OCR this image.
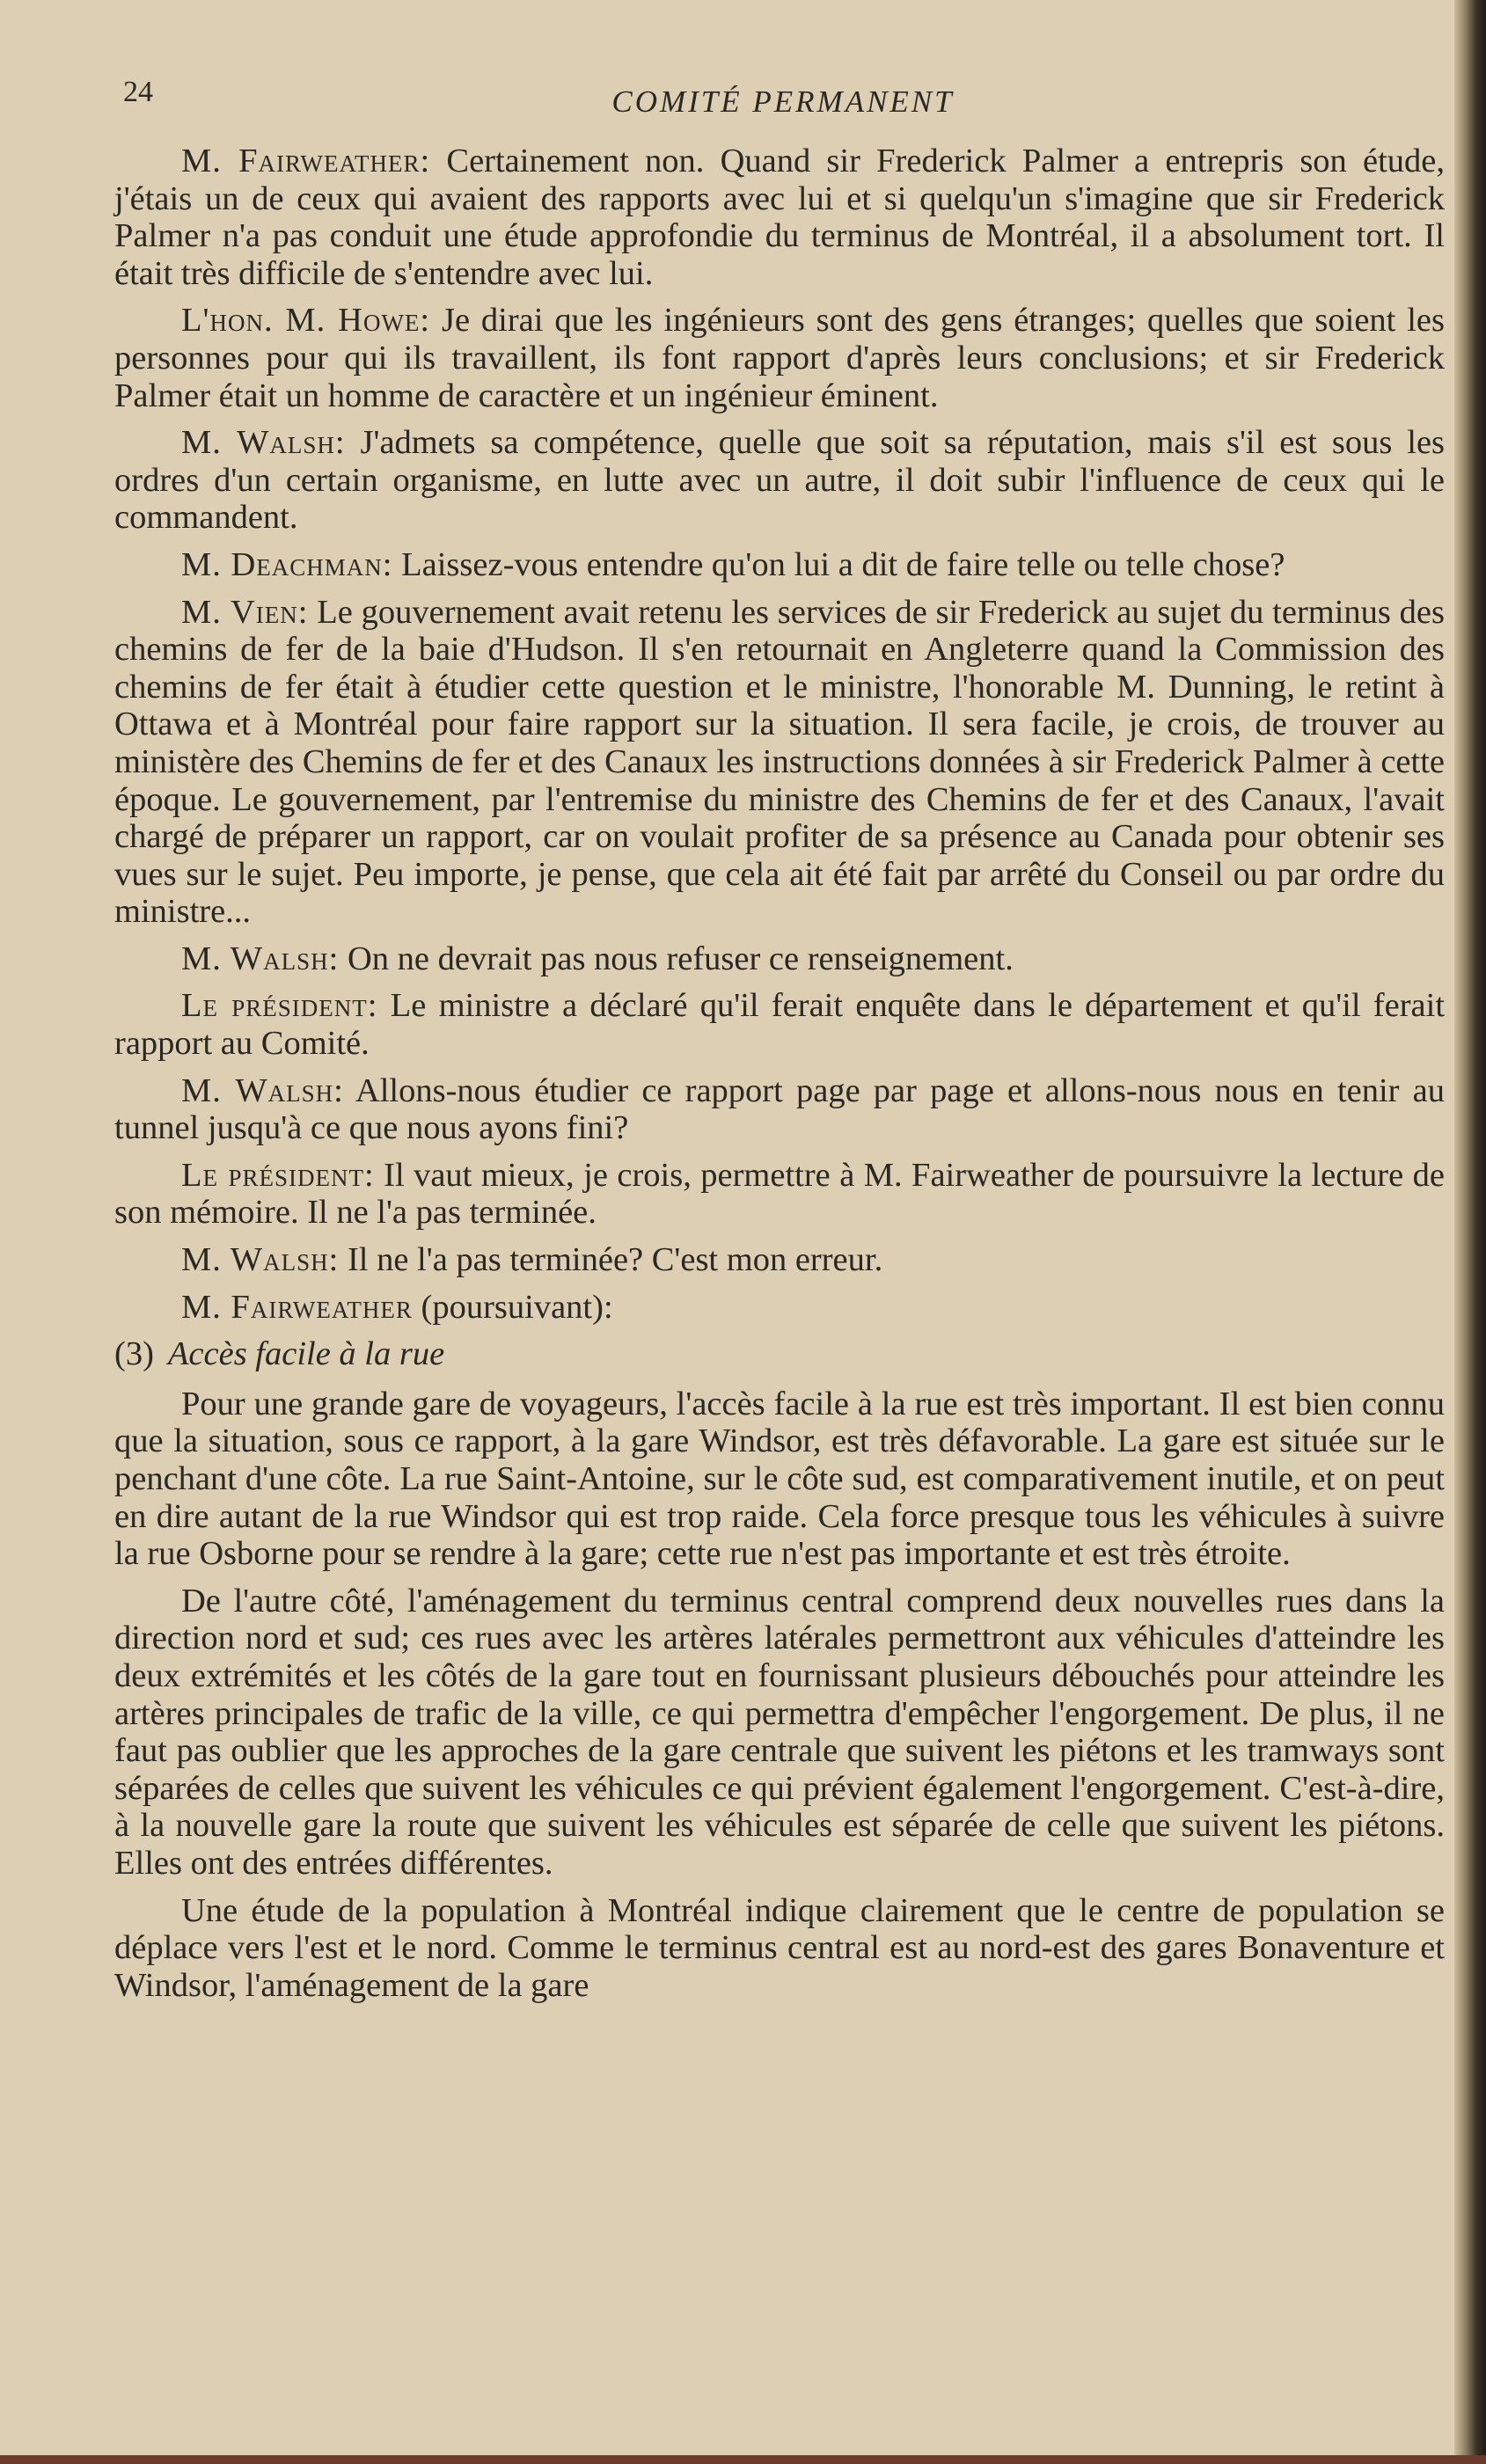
24	COMITÉ PERMANENT

M. Fairweather: Certainement non. Quand sir Frederick Palmer a entrepris son étude, j'étais un de ceux qui avaient des rapports avec lui et si quelqu'un s'imagine que sir Frederick Palmer n'a pas conduit une étude approfondie du terminus de Montréal, il a absolument tort. Il était très difficile de s'entendre avec lui.

L'hon. M. Howe: Je dirai que les ingénieurs sont des gens étranges; quelles que soient les personnes pour qui ils travaillent, ils font rapport d'après leurs conclusions; et sir Frederick Palmer était un homme de caractère et un ingénieur éminent.

M. Walsh: J'admets sa compétence, quelle que soit sa réputation, mais s'il est sous les ordres d'un certain organisme, en lutte avec un autre, il doit subir l'influence de ceux qui le commandent.

M. Deachman: Laissez-vous entendre qu'on lui a dit de faire telle ou telle chose?

M. Vien: Le gouvernement avait retenu les services de sir Frederick au sujet du terminus des chemins de fer de la baie d'Hudson. Il s'en retournait en Angleterre quand la Commission des chemins de fer était à étudier cette question et le ministre, l'honorable M. Dunning, le retint à Ottawa et à Montréal pour faire rapport sur la situation. Il sera facile, je crois, de trouver au ministère des Chemins de fer et des Canaux les instructions données à sir Frederick Palmer à cette époque. Le gouvernement, par l'entremise du ministre des Chemins de fer et des Canaux, l'avait chargé de préparer un rapport, car on voulait profiter de sa présence au Canada pour obtenir ses vues sur le sujet. Peu importe, je pense, que cela ait été fait par arrêté du Conseil ou par ordre du ministre...

M. Walsh: On ne devrait pas nous refuser ce renseignement.

Le président: Le ministre a déclaré qu'il ferait enquête dans le département et qu'il ferait rapport au Comité.

M. Walsh: Allons-nous étudier ce rapport page par page et allons-nous nous en tenir au tunnel jusqu'à ce que nous ayons fini?

Le président: Il vaut mieux, je crois, permettre à M. Fairweather de poursuivre la lecture de son mémoire. Il ne l'a pas terminée.

M. Walsh: Il ne l'a pas terminée? C'est mon erreur.

M. Fairweather (poursuivant):

(3) Accès facile à la rue

Pour une grande gare de voyageurs, l'accès facile à la rue est très important. Il est bien connu que la situation, sous ce rapport, à la gare Windsor, est très défavorable. La gare est située sur le penchant d'une côte. La rue Saint-Antoine, sur le côte sud, est comparativement inutile, et on peut en dire autant de la rue Windsor qui est trop raide. Cela force presque tous les véhicules à suivre la rue Osborne pour se rendre à la gare; cette rue n'est pas importante et est très étroite.

De l'autre côté, l'aménagement du terminus central comprend deux nouvelles rues dans la direction nord et sud; ces rues avec les artères latérales permettront aux véhicules d'atteindre les deux extrémités et les côtés de la gare tout en fournissant plusieurs débouchés pour atteindre les artères principales de trafic de la ville, ce qui permettra d'empêcher l'engorgement. De plus, il ne faut pas oublier que les approches de la gare centrale que suivent les piétons et les tramways sont séparées de celles que suivent les véhicules ce qui prévient également l'engorgement. C'est-à-dire, à la nouvelle gare la route que suivent les véhicules est séparée de celle que suivent les piétons. Elles ont des entrées différentes.

Une étude de la population à Montréal indique clairement que le centre de population se déplace vers l'est et le nord. Comme le terminus central est au nord-est des gares Bonaventure et Windsor, l'aménagement de la gare
